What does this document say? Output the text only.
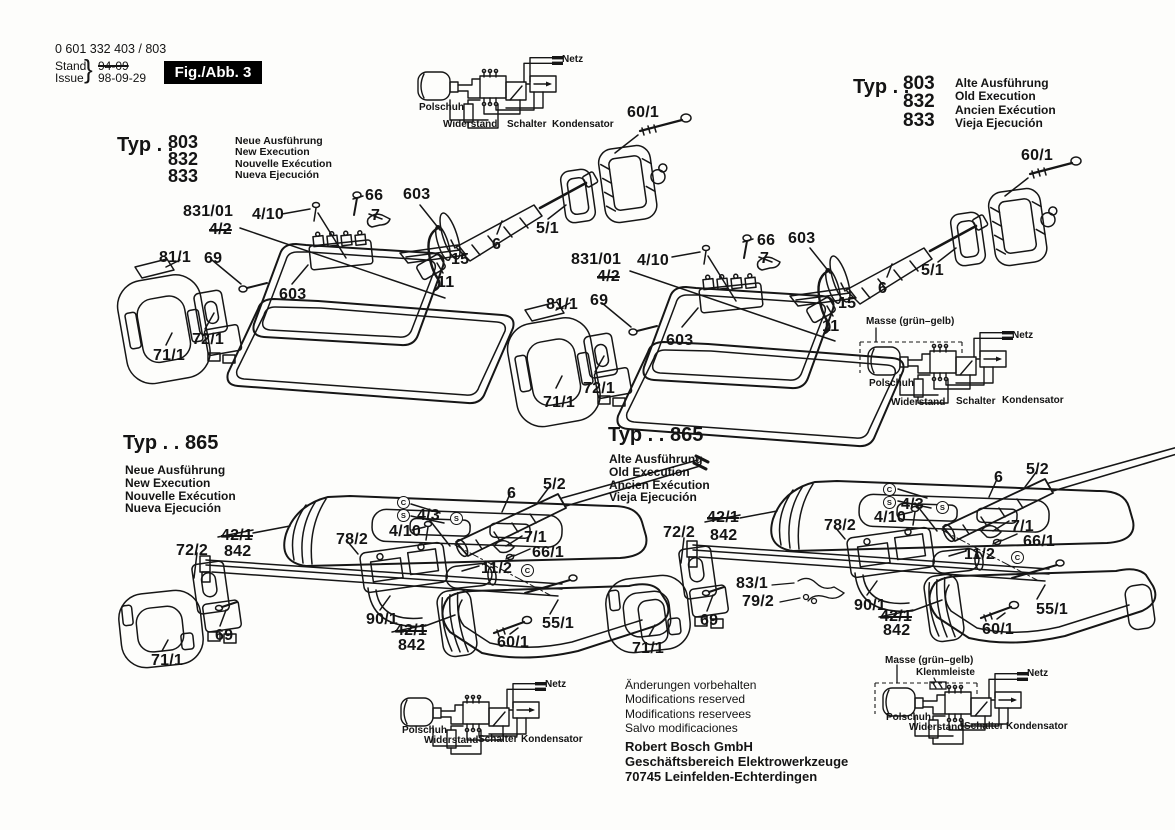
0 601 332 403 / 803
Stand
Issue } 94-09
98-09-29	Fig./Abb. 3
Typ . .
803
832
833
Neue Ausführung
New Execution
Nouvelle Exécution
Nueva Ejecución
Typ . .
803
832
833
Alte Ausführung
Old Execution
Ancien Exécution
Vieja Ejecución
Typ . . 865
Neue Ausführung
New Execution
Nouvelle Exécution
Nueva Ejecución
Typ . . 865
Alte Ausführung
Old Execution
Ancien Exécution
Vieja Ejecución
Änderungen vorbehalten
Modifications reserved
Modifications reservees
Salvo modificaciones
Robert Bosch GmbH
Geschäftsbereich Elektrowerkzeuge
70745 Leinfelden-Echterdingen
831/01
4/2
4/10
66
7
603
81/1 69
603
15
11
72/1
71/1
6
5/1
60/1
831/01
4/2
4/10
66
7
603
81/1 69
603
15
11
72/1
71/1
6
5/1
60/1
72/2
42/1
842
78/2 4/10
4/3
C
S	S
7/1
66/1
11/2	C
90/1
42/1
842
69
55/1
60/1
71/1
6
5/2
72/2
42/1
842
78/2 4/10
4/3
C
S
S
7/1
66/1
11/2	C
83/1
79/2	90/1
42/1
842
69
55/1
60/1
71/1
6 5/2
Netz
Polschuh
Widerstand Schalter Kondensator
Masse (grün–gelb)
Netz
Polschuh
Widerstand Schalter Kondensator
Netz
Polschuh
Widerstand Schalter Kondensator
Masse (grün–gelb)
Klemmleiste	Netz
Polschuh
Widerstand Schalter Kondensator
